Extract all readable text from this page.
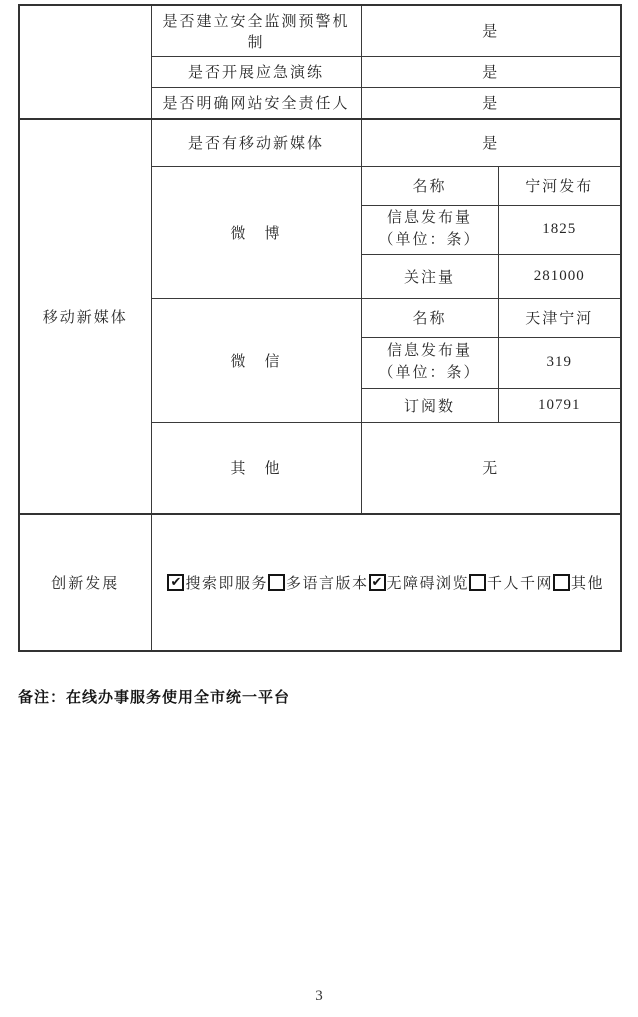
	是否建立安全监测预警机制	是	
	是否开展应急演练	是	
	是否明确网站安全责任人	是	
移动新媒体	是否有移动新媒体	是	
	微　博	名称	宁河发布

		信息发布量
（单位：条）	1825
		关注量	281000
	微　信	名称	天津宁河

		信息发布量
（单位：条）	319
		订阅数	10791
	其　他	无	
创新发展	
✔搜索即服务 多语言版本 ✔ 无障碍浏览 千人千网 其他
备注：在线办事服务使用全市统一平台
3
